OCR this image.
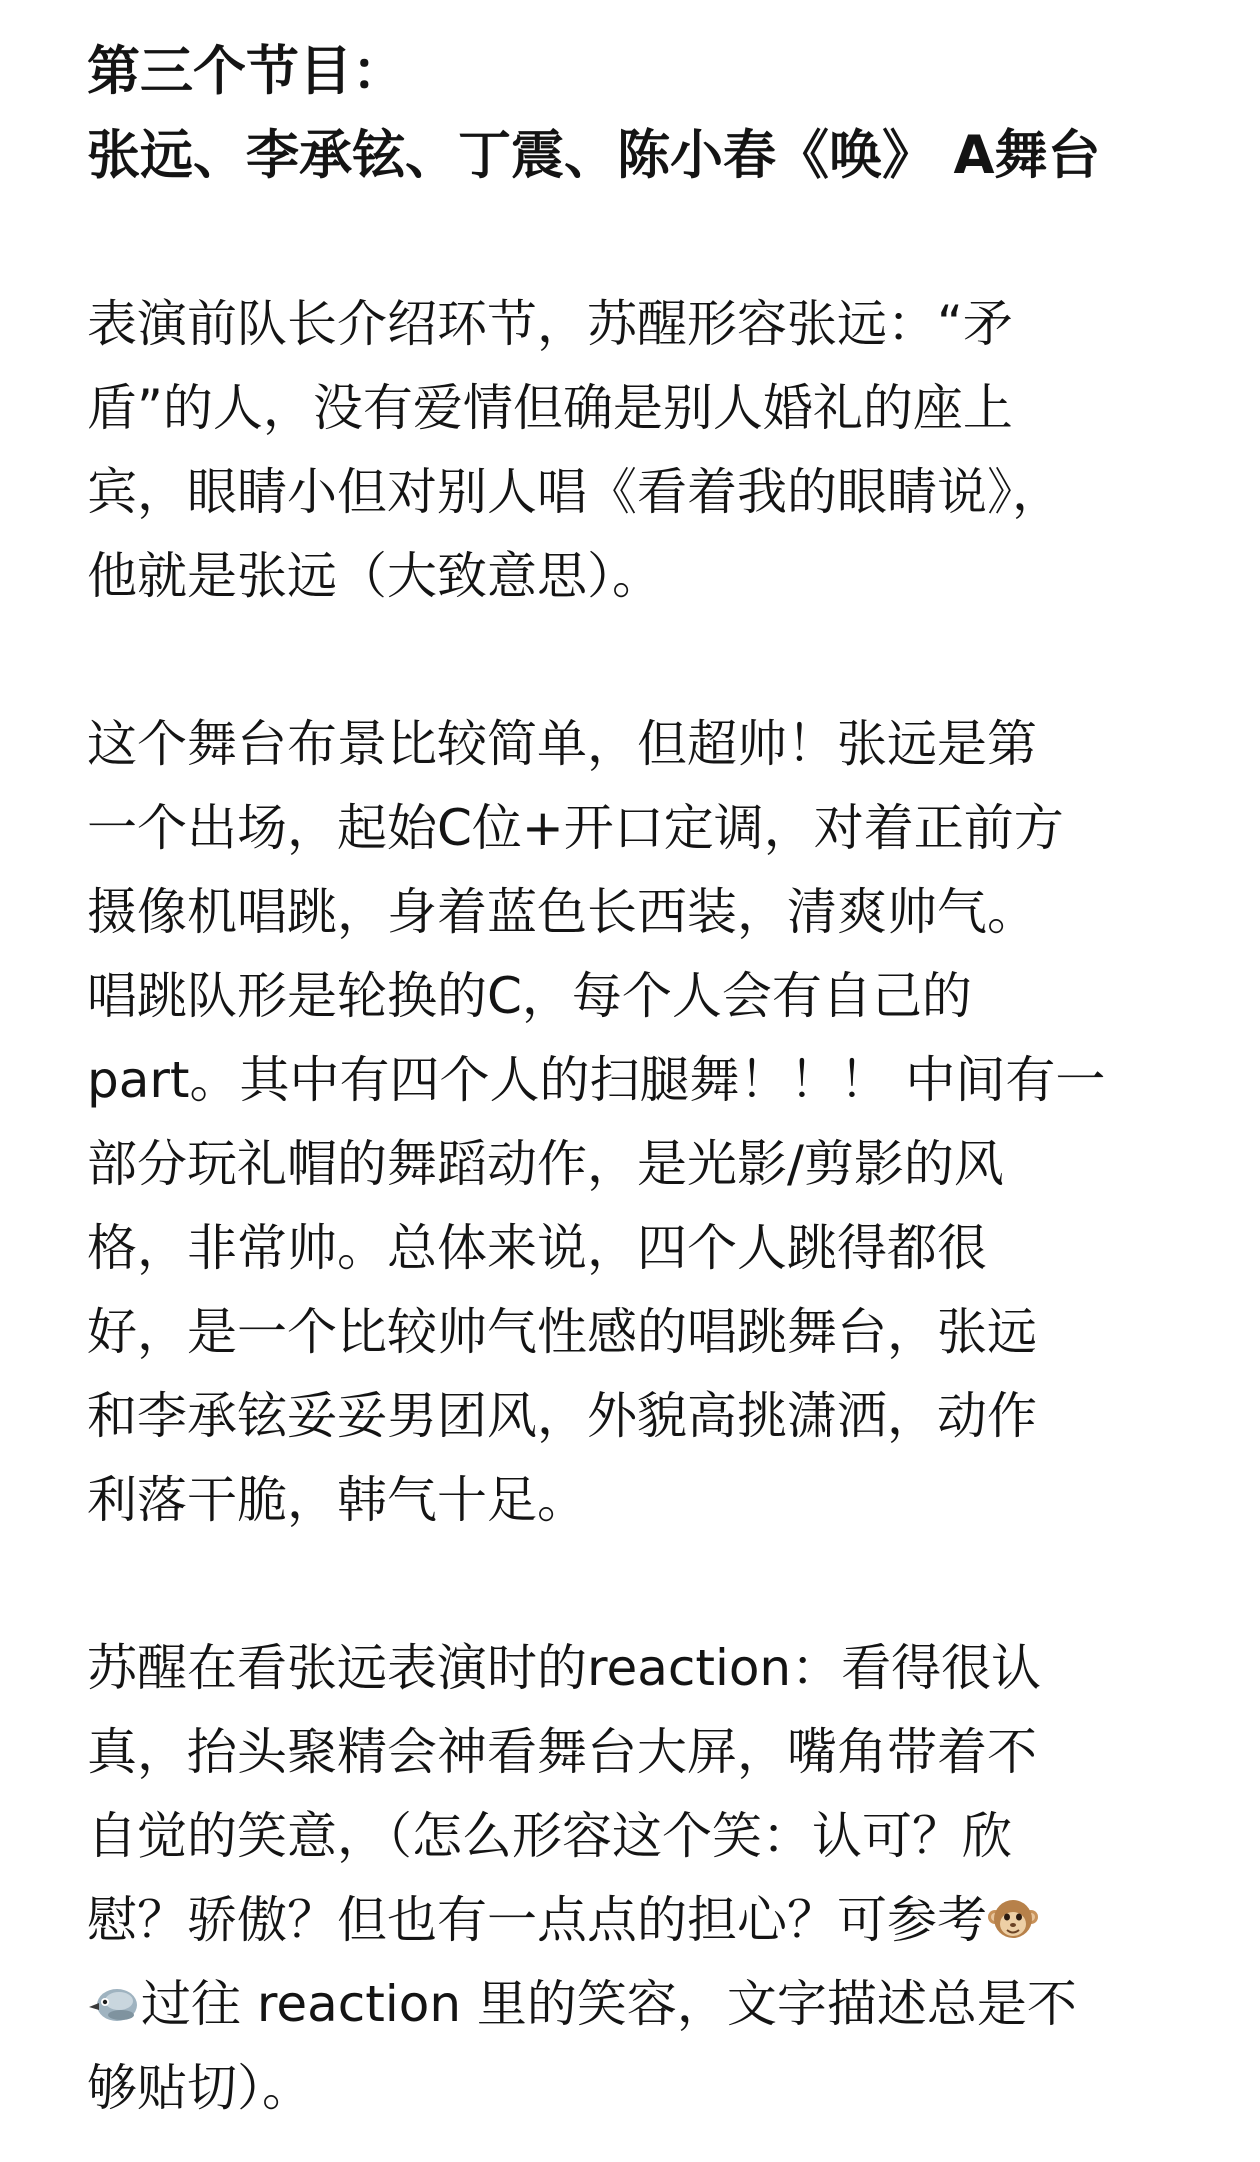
第三个节目：
张远、李承铉、丁震、陈小春《唤》 A舞台
表演前队长介绍环节，苏醒形容张远：“矛
盾”的人，没有爱情但确是别人婚礼的座上
宾，眼睛小但对别人唱《看着我的眼睛说》，
他就是张远（大致意思）。
这个舞台布景比较简单，但超帅！张远是第
一个出场，起始C位+开口定调，对着正前方
摄像机唱跳，身着蓝色长西装，清爽帅气。
唱跳队形是轮换的C，每个人会有自己的
part。其中有四个人的扫腿舞！！！ 中间有一
部分玩礼帽的舞蹈动作，是光影/剪影的风
格，非常帅。总体来说，四个人跳得都很
好，是一个比较帅气性感的唱跳舞台，张远
和李承铉妥妥男团风，外貌高挑潇洒，动作
利落干脆，韩气十足。
苏醒在看张远表演时的reaction：看得很认
真，抬头聚精会神看舞台大屏，嘴角带着不
自觉的笑意，（怎么形容这个笑：认可？欣
慰？骄傲？但也有一点点的担心？可参考
过往 reaction 里的笑容，文字描述总是不
够贴切）。
